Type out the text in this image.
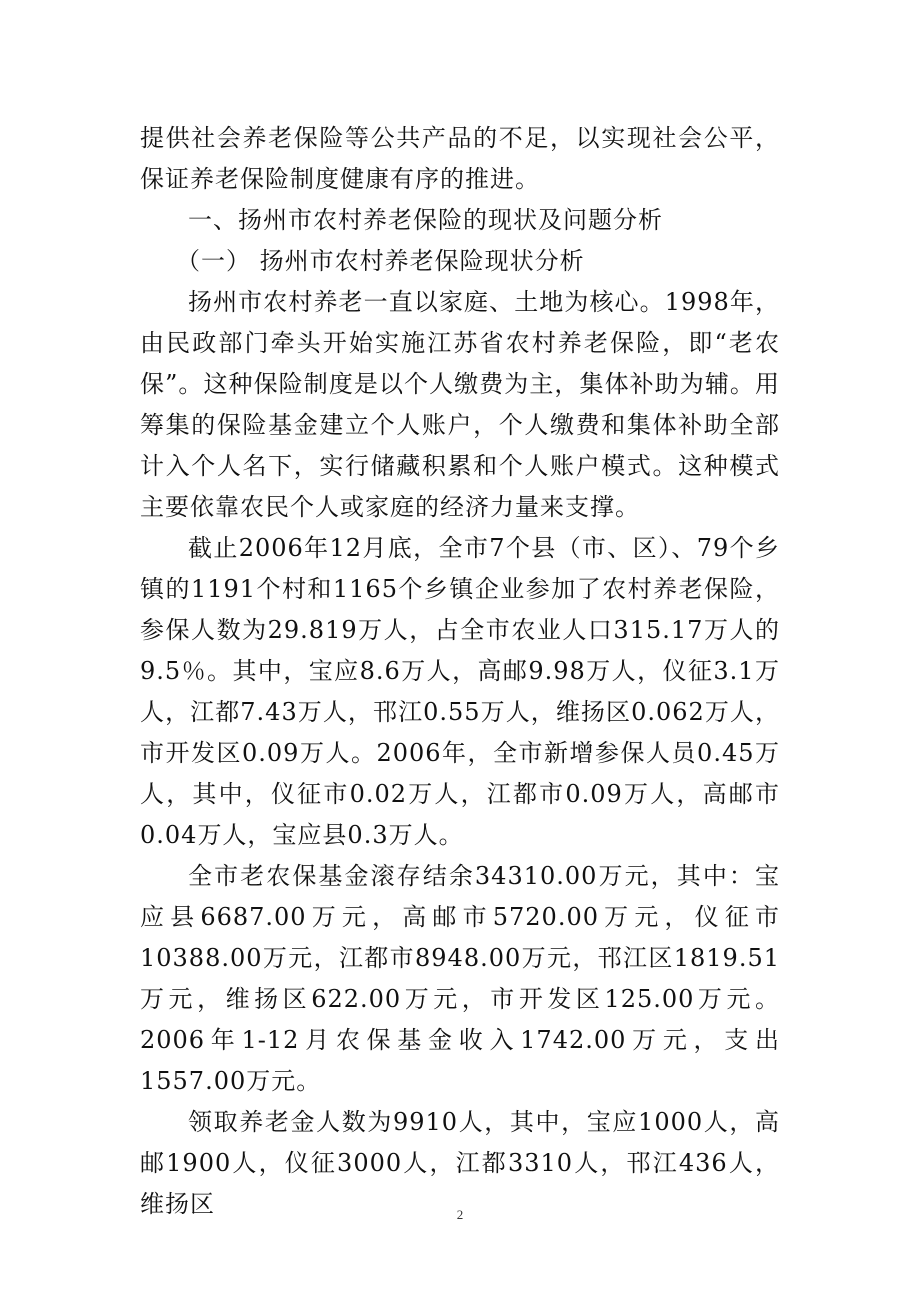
提供社会养老保险等公共产品的不足，以实现社会公平，保证养老保险制度健康有序的推进。

一、扬州市农村养老保险的现状及问题分析

（一） 扬州市农村养老保险现状分析

扬州市农村养老一直以家庭、土地为核心。1998年，由民政部门牵头开始实施江苏省农村养老保险，即“老农保”。这种保险制度是以个人缴费为主，集体补助为辅。用筹集的保险基金建立个人账户，个人缴费和集体补助全部计入个人名下，实行储藏积累和个人账户模式。这种模式主要依靠农民个人或家庭的经济力量来支撑。

截止2006年12月底，全市7个县（市、区）、79个乡镇的1191个村和1165个乡镇企业参加了农村养老保险，参保人数为29.819万人，占全市农业人口315.17万人的9.5％。其中，宝应8.6万人，高邮9.98万人，仪征3.1万人，江都7.43万人，邗江0.55万人，维扬区0.062万人，市开发区0.09万人。2006年，全市新增参保人员0.45万人，其中，仪征市0.02万人，江都市0.09万人，高邮市0.04万人，宝应县0.3万人。

全市老农保基金滚存结余34310.00万元，其中：宝应县6687.00万元，高邮市5720.00万元，仪征市10388.00万元，江都市8948.00万元，邗江区1819.51万元，维扬区622.00万元，市开发区125.00万元。2006年1-12月农保基金收入1742.00万元，支出1557.00万元。

领取养老金人数为9910人，其中，宝应1000人，高邮1900人，仪征3000人，江都3310人，邗江436人，维扬区	2
